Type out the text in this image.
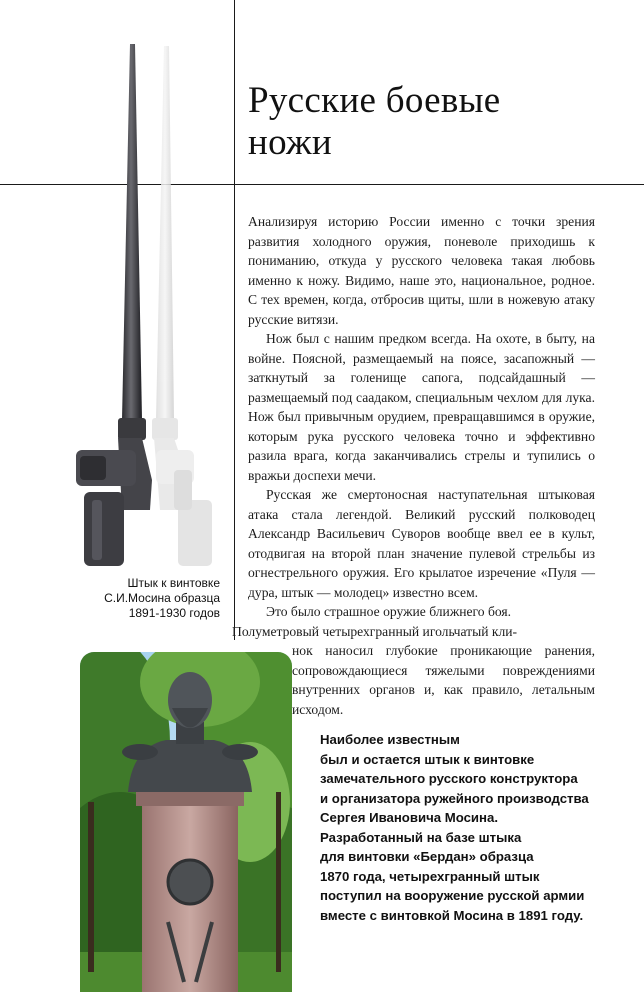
Русские боевые
ножи
Штык к винтовке
С.И.Мосина образца
1891-1930 годов

Анализируя историю России именно с точки зрения развития холодного оружия, поневоле приходишь к пониманию, откуда у русского человека такая любовь именно к ножу. Видимо, наше это, национальное, родное. С тех времен, когда, отбросив щиты, шли в ножевую атаку русские витязи.

Нож был с нашим предком всегда. На охоте, в быту, на войне. Поясной, размещаемый на поясе, засапожный — заткнутый за голенище сапога, подсайдашный — размещаемый под саадаком, специальным чехлом для лука. Нож был привычным орудием, превращавшимся в оружие, которым рука русского человека точно и эффективно разила врага, когда заканчивались стрелы и тупились о вражьи доспехи мечи.

Русская же смертоносная наступательная штыковая атака стала легендой. Великий русский полководец Александр Васильевич Суворов вообще ввел ее в культ, отодвигая на второй план значение пулевой стрельбы из огнестрельного оружия. Его крылатое изречение «Пуля — дура, штык — молодец» известно всем.

Это было страшное оружие ближнего боя.
Полуметровый четырехгранный игольчатый кли-
нок наносил глубокие проникающие ранения, сопровождающиеся тяжелыми повреждениями внутренних органов и, как правило, летальным исходом.

Наиболее известным
был и остается штык к винтовке
замечательного русского конструктора
и организатора ружейного производства
Сергея Ивановича Мосина.
Разработанный на базе штыка
для винтовки «Бердан» образца
1870 года, четырехгранный штык
поступил на вооружение русской армии
вместе с винтовкой Мосина в 1891 году.
